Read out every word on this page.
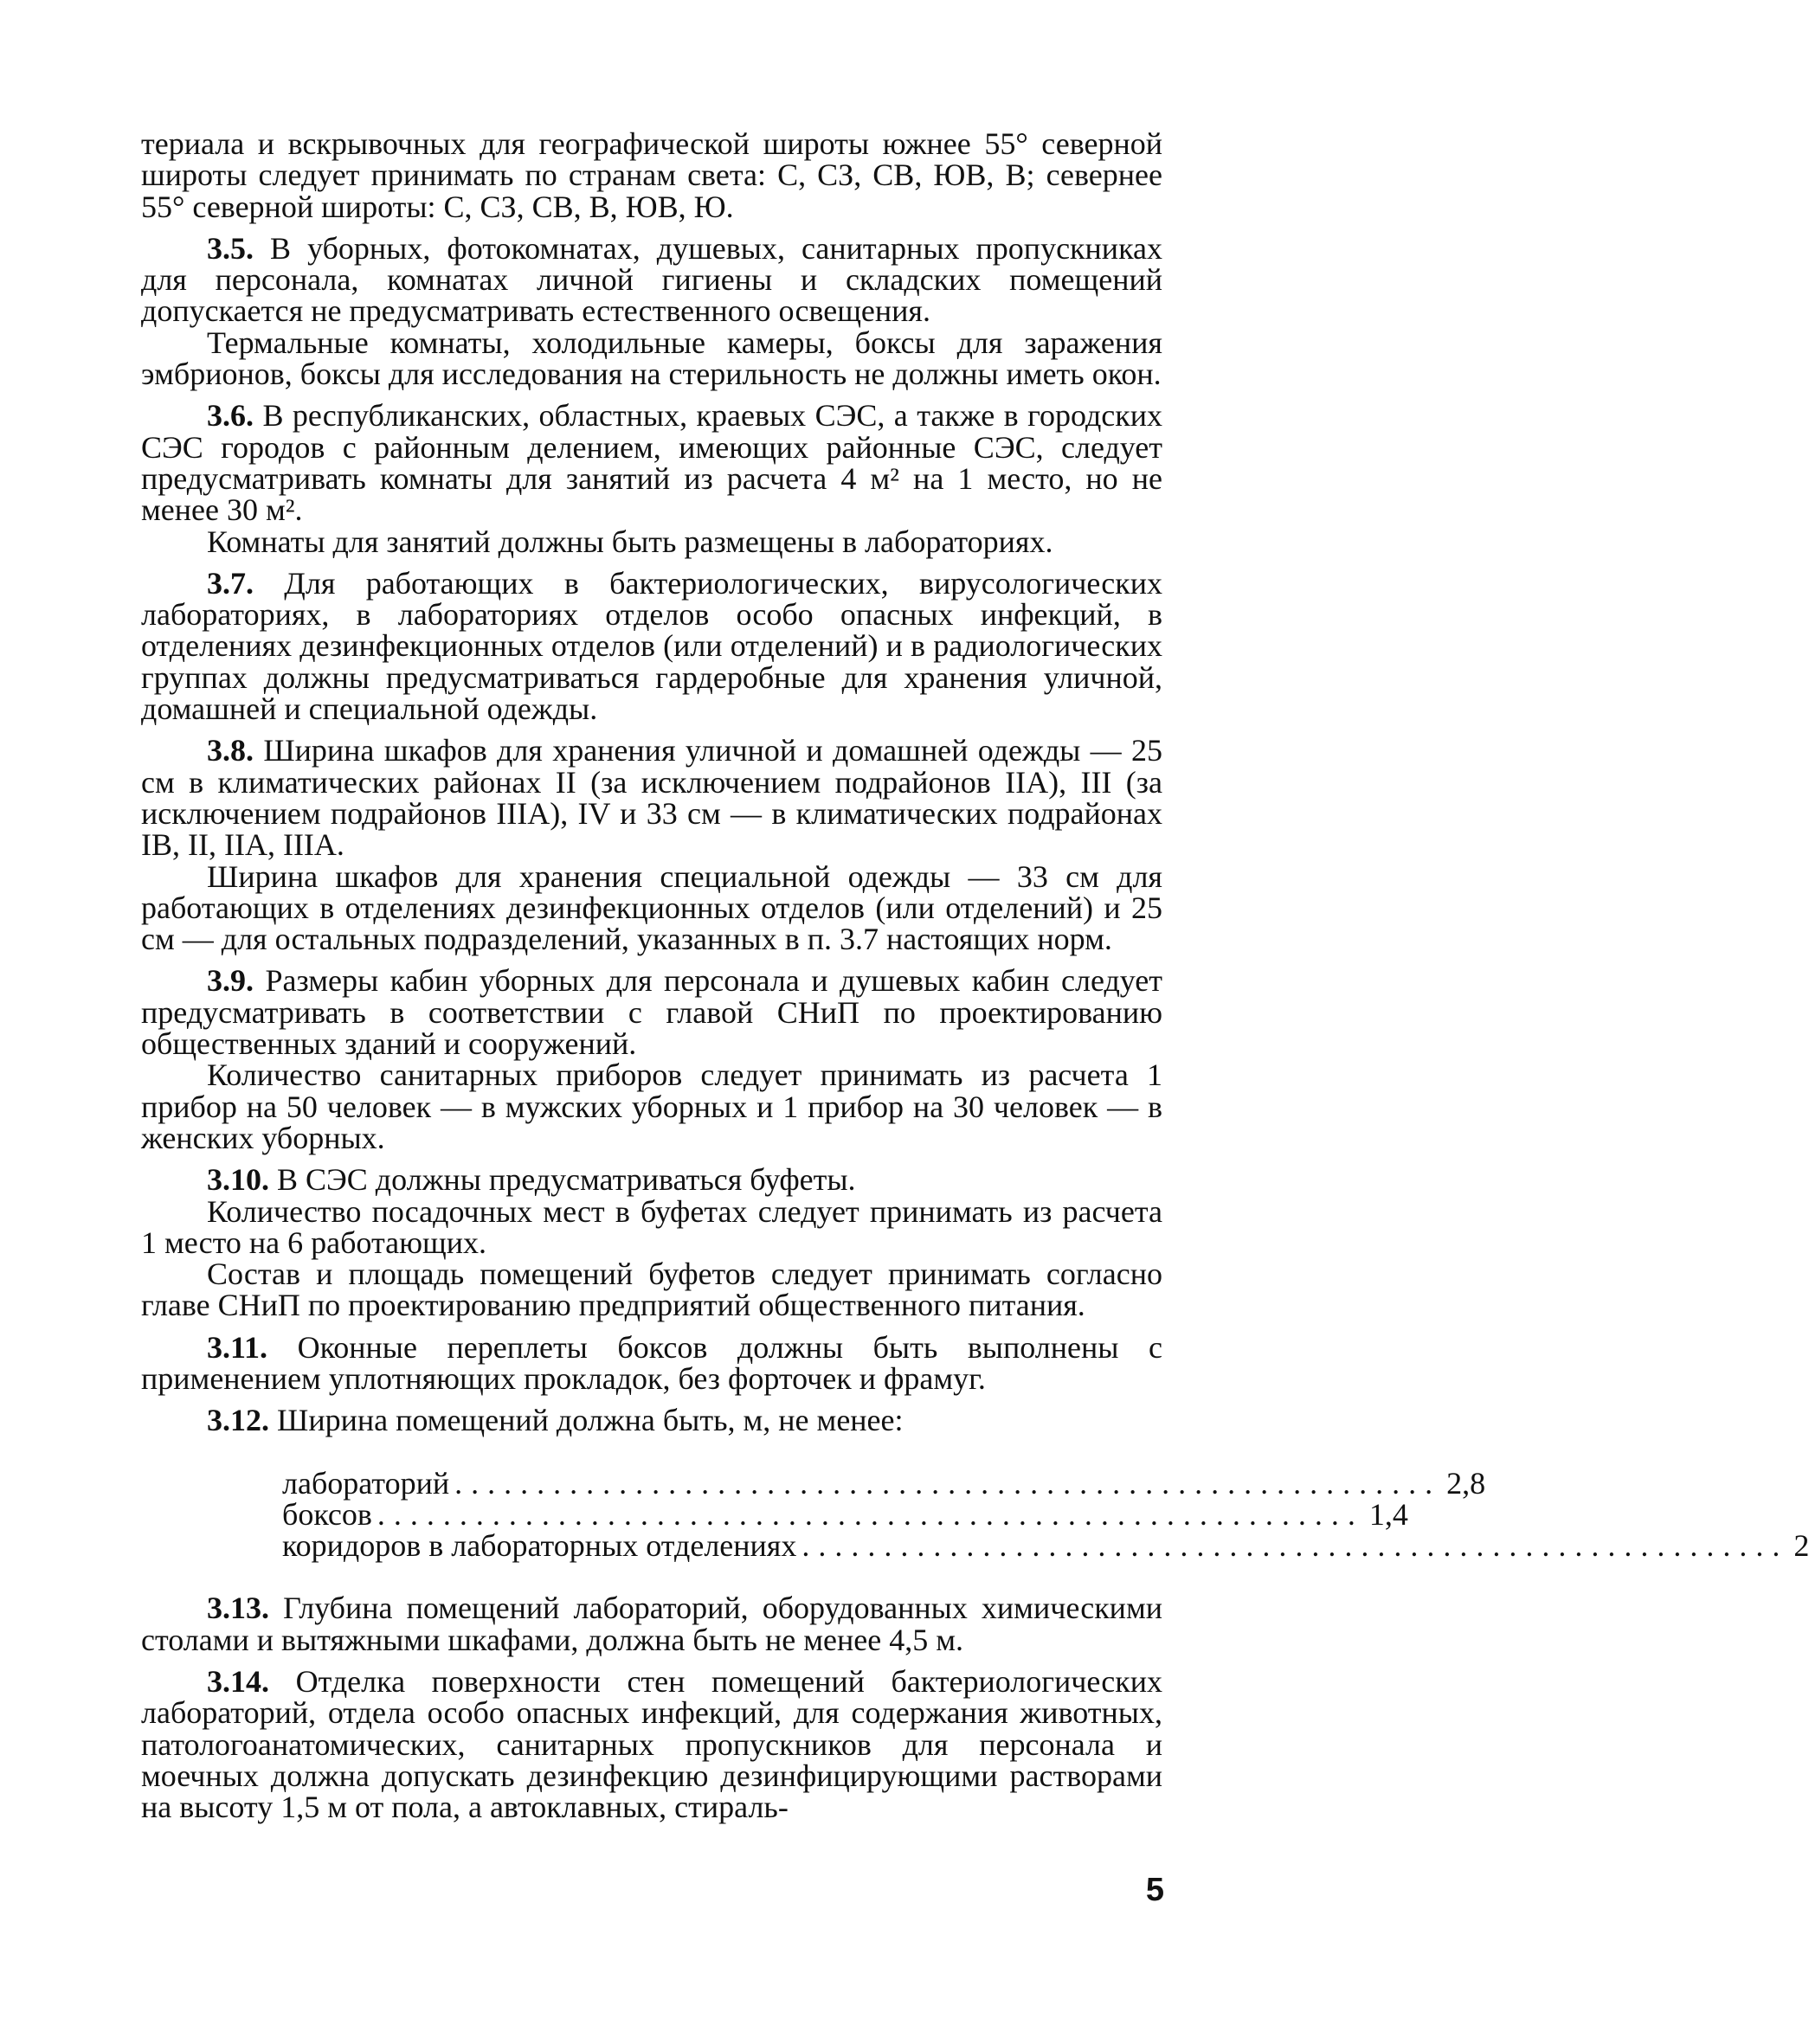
териала и вскрывочных для географической широты южнее 55° северной широты следует принимать по странам света: С, СЗ, СВ, ЮВ, В; севернее 55° северной широты: С, СЗ, СВ, В, ЮВ, Ю.

3.5. В уборных, фотокомнатах, душевых, санитарных пропускниках для персонала, комнатах личной гигиены и складских помещений допускается не предусматривать естественного освещения.

Термальные комнаты, холодильные камеры, боксы для заражения эмбрионов, боксы для исследования на стерильность не должны иметь окон.

3.6. В республиканских, областных, краевых СЭС, а также в городских СЭС городов с районным делением, имеющих районные СЭС, следует предусматривать комнаты для занятий из расчета 4 м² на 1 место, но не менее 30 м².

Комнаты для занятий должны быть размещены в лабораториях.

3.7. Для работающих в бактериологических, вирусологических лабораториях, в лабораториях отделов особо опасных инфекций, в отделениях дезинфекционных отделов (или отделений) и в радиологических группах должны предусматриваться гардеробные для хранения уличной, домашней и специальной одежды.

3.8. Ширина шкафов для хранения уличной и домашней одежды — 25 см в климатических районах II (за исключением подрайонов IIА), III (за исключением подрайонов IIIА), IV и 33 см — в климатических подрайонах IВ, II, IIА, IIIА.

Ширина шкафов для хранения специальной одежды — 33 см для работающих в отделениях дезинфекционных отделов (или отделений) и 25 см — для остальных подразделений, указанных в п. 3.7 настоящих норм.

3.9. Размеры кабин уборных для персонала и душевых кабин следует предусматривать в соответствии с главой СНиП по проектированию общественных зданий и сооружений.

Количество санитарных приборов следует принимать из расчета 1 прибор на 50 человек — в мужских уборных и 1 прибор на 30 человек — в женских уборных.

3.10. В СЭС должны предусматриваться буфеты.

Количество посадочных мест в буфетах следует принимать из расчета 1 место на 6 работающих.

Состав и площадь помещений буфетов следует принимать согласно главе СНиП по проектированию предприятий общественного питания.

3.11. Оконные переплеты боксов должны быть выполнены с применением уплотняющих прокладок, без форточек и фрамуг.

3.12. Ширина помещений должна быть, м, не менее:

лабораторий ............................................................ 2,8
боксов ............................................................ 1,4
коридоров в лабораторных отделениях ............................................................ 2

3.13. Глубина помещений лабораторий, оборудованных химическими столами и вытяжными шкафами, должна быть не менее 4,5 м.

3.14. Отделка поверхности стен помещений бактериологических лабораторий, отдела особо опасных инфекций, для содержания животных, патологоанатомических, санитарных пропускников для персонала и моечных должна допускать дезинфекцию дезинфицирующими растворами на высоту 1,5 м от пола, а автоклавных, стираль-

5
